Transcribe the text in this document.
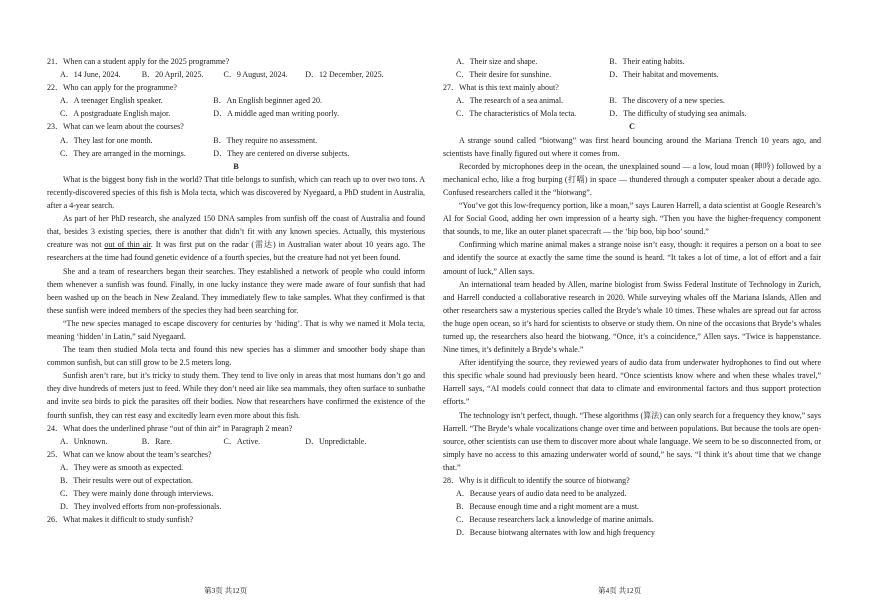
21．When can a student apply for the 2025 programme?
A．14 June, 2024.	B．20 April, 2025.	C．9 August, 2024.	D．12 December, 2025.
22．Who can apply for the programme?
A．A teenager English speaker.	B．An English beginner aged 20.
C．A postgraduate English major.	D．A middle aged man writing poorly.
23．What can we learn about the courses?
A．They last for one month.	B．They require no assessment.
C．They are arranged in the mornings.	D．They are centered on diverse subjects.
B
What is the biggest bony fish in the world? That title belongs to sunfish, which can reach up to over two tons. A recently-discovered species of this fish is Mola tecta, which was discovered by Nyegaard, a PhD student in Australia, after a 4-year search.
As part of her PhD research, she analyzed 150 DNA samples from sunfish off the coast of Australia and found that, besides 3 existing species, there is another that didn’t fit with any known species. Actually, this mysterious creature was not out of thin air. It was first put on the radar (雷达) in Australian water about 10 years ago. The researchers at the time had found genetic evidence of a fourth species, but the creature had not yet been found.
She and a team of researchers began their searches. They established a network of people who could inform them whenever a sunfish was found. Finally, in one lucky instance they were made aware of four sunfish that had been washed up on the beach in New Zealand. They immediately flew to take samples. What they confirmed is that these sunfish were indeed members of the species they had been searching for.
“The new species managed to escape discovery for centuries by ‘hiding’. That is why we named it Mola tecta, meaning ‘hidden’ in Latin,” said Nyegaard.
The team then studied Mola tecta and found this new species has a slimmer and smoother body shape than common sunfish, but can still grow to be 2.5 meters long.
Sunfish aren’t rare, but it’s tricky to study them. They tend to live only in areas that most humans don’t go and they dive hundreds of meters just to feed. While they don’t need air like sea mammals, they often surface to sunbathe and invite sea birds to pick the parasites off their bodies. Now that researchers have confirmed the existence of the fourth sunfish, they can rest easy and excitedly learn even more about this fish.
24．What does the underlined phrase “out of thin air” in Paragraph 2 mean?
A．Unknown.	B．Rare.	C．Active.	D．Unpredictable.
25．What can we know about the team’s searches?
A．They were as smooth as expected.
B．Their results were out of expectation.
C．They were mainly done through interviews.
D．They involved efforts from non-professionals.
26．What makes it difficult to study sunfish?
A．Their size and shape.	B．Their eating habits.
C．Their desire for sunshine.	D．Their habitat and movements.
27．What is this text mainly about?
A．The research of a sea animal.	B．The discovery of a new species.
C．The characteristics of Mola tecta.	D．The difficulty of studying sea animals.
C
A strange sound called “biotwang” was first heard bouncing around the Mariana Trench 10 years ago, and scientists have finally figured out where it comes from.
Recorded by microphones deep in the ocean, the unexplained sound — a low, loud moan (呻吟) followed by a mechanical echo, like a frog burping (打嗝) in space — thundered through a computer speaker about a decade ago. Confused researchers called it the “biotwang”.
“You’ve got this low-frequency portion, like a moan,” says Lauren Harrell, a data scientist at Google Research’s AI for Social Good, adding her own impression of a hearty sigh. “Then you have the higher-frequency component that sounds, to me, like an outer planet spacecraft — the ‘bip boo, bip boo’ sound.”
Confirming which marine animal makes a strange noise isn’t easy, though: it requires a person on a boat to see and identify the source at exactly the same time the sound is heard. “It takes a lot of time, a lot of effort and a fair amount of luck,” Allen says.
An international team headed by Allen, marine biologist from Swiss Federal Institute of Technology in Zurich, and Harrell conducted a collaborative research in 2020. While surveying whales off the Mariana Islands, Allen and other researchers saw a mysterious species called the Bryde’s whale 10 times. These whales are spread out far across the huge open ocean, so it’s hard for scientists to observe or study them. On nine of the occasions that Bryde’s whales turned up, the researchers also heard the biotwang. “Once, it’s a coincidence,” Allen says. “Twice is happenstance. Nine times, it’s definitely a Bryde’s whale.”
After identifying the source, they reviewed years of audio data from underwater hydrophones to find out where this specific whale sound had previously been heard. “Once scientists know where and when these whales travel,” Harrell says, “AI models could connect that data to climate and environmental factors and thus support protection efforts.”
The technology isn’t perfect, though. “These algorithms (算法) can only search for a frequency they know,” says Harrell. “The Bryde’s whale vocalizations change over time and between populations. But because the tools are open-source, other scientists can use them to discover more about whale language. We seem to be so disconnected from, or simply have no access to this amazing underwater world of sound,” he says. “I think it’s about time that we change that.”
28．Why is it difficult to identify the source of biotwang?
A．Because years of audio data need to be analyzed.
B．Because enough time and a right moment are a must.
C．Because researchers lack a knowledge of marine animals.
D．Because biotwang alternates with low and high frequency
第3页 共12页	第4页 共12页
